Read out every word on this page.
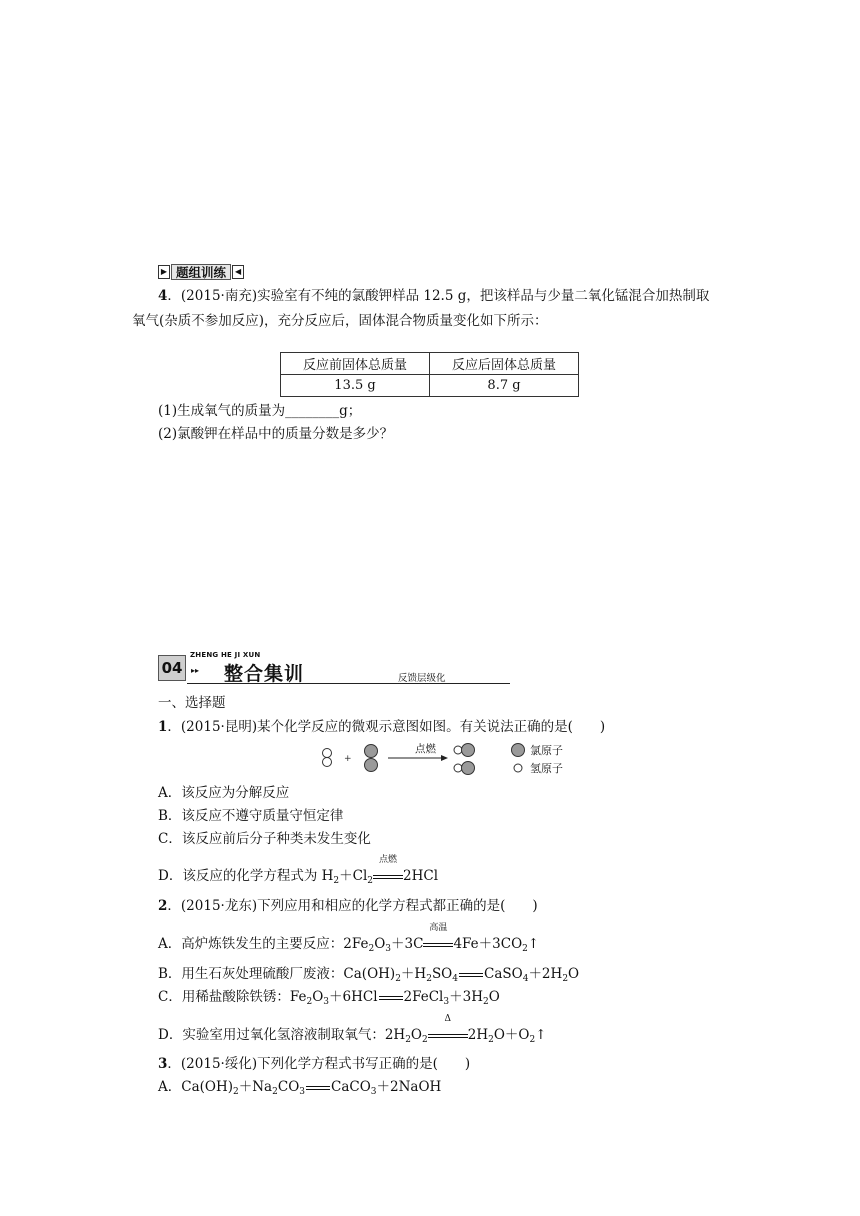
▶ 题组训练	◀
4．(2015·南充)实验室有不纯的氯酸钾样品 12.5 g，把该样品与少量二氧化锰混合加热制取
氧气(杂质不参加反应)，充分反应后，固体混合物质量变化如下所示：
反应前固体总质量	反应后固体总质量
13.5 g	8.7 g
(1)生成氧气的质量为________g；
(2)氯酸钾在样品中的质量分数是多少？
04
ZHENG HE JI XUN
▸▸ 整合集训	反馈层级化
一、选择题
1．(2015·昆明)某个化学反应的微观示意图如图。有关说法正确的是(　　)
+
点燃	氯原子
氢原子
A．该反应为分解反应
B．该反应不遵守质量守恒定律
C．该反应前后分子种类未发生变化
D．该反应的化学方程式为 $H_2+Cl_2$
点燃
2HCl
2．(2015·龙东)下列应用和相应的化学方程式都正确的是(　　)
A．高炉炼铁发生的主要反应：$2Fe_2O_3+3C$
高温
$4Fe+3CO_2↑$
B．用生石灰处理硫酸厂废液：$Ca(OH)_2+H_2SO_4$ $CaSO_4+2H_2O$
C．用稀盐酸除铁锈：$Fe_2O_3+6HCl$ $2FeCl_3+3H_2O$
D．实验室用过氧化氢溶液制取氧气：$2H_2O_2$
Δ
$2H_2O+O_2↑$
3．(2015·绥化)下列化学方程式书写正确的是(　　)
A．$Ca(OH)_2+Na_2CO_3$ CaCO$_3$＋2NaOH
